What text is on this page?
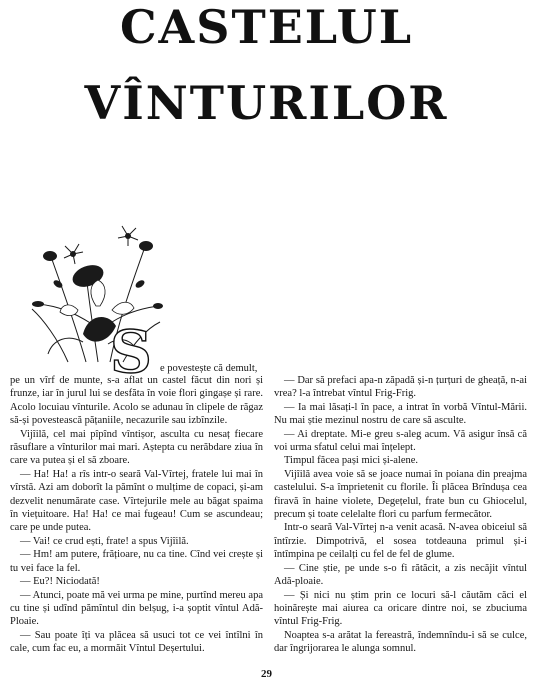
CASTELUL
VÎNTURILOR
S e povestește că demult,

pe un vîrf de munte, s-a aflat un castel făcut din nori și frunze, iar în jurul lui se desfăta în voie flori gingașe și rare. Acolo locuiau vînturile. Acolo se adunau în clipele de răgaz să-și povestească pățaniile, necazurile sau izbînzile.

Vijîilă, cel mai pîpînd vîntișor, asculta cu nesaț fiecare răsuflare a vînturilor mai mari. Aștepta cu nerăbdare ziua în care va putea și el să zboare.

— Ha! Ha! a rîs intr-o seară Val-Vîrtej, fratele lui mai în vîrstă. Azi am doborît la pămînt o mulțime de copaci, și-am dezvelit nenumărate case. Vîrtejurile mele au băgat spaima în viețuitoare. Ha! Ha! ce mai fugeau! Cum se ascundeau; care pe unde putea.

— Vai! ce crud ești, frate! a spus Vijîilă.

— Hm! am putere, frățioare, nu ca tine. Cînd vei crește și tu vei face la fel.

— Eu?! Niciodată!

— Atunci, poate mă vei urma pe mine, purtînd mereu apa cu tine și udînd pămîntul din belșug, i-a șoptit vîntul Adă-Ploaie.

— Sau poate îți va plăcea să usuci tot ce vei întîlni în cale, cum fac eu, a mormăit Vîntul Deșertului.

— Dar să prefaci apa-n zăpadă și-n țurțuri de gheață, n-ai vrea? l-a întrebat vîntul Frig-Frig.

— Ia mai lăsați-l în pace, a intrat în vorbă Vîntul-Mării. Nu mai știe mezinul nostru de care să asculte.

— Ai dreptate. Mi-e greu s-aleg acum. Vă asigur însă că voi urma sfatul celui mai înțelept.

Timpul făcea pași mici și-alene.

Vijîilă avea voie să se joace numai în poiana din preajma castelului. S-a împrietenit cu florile. Îi plăcea Brîndușa cea firavă în haine violete, Degețelul, frate bun cu Ghiocelul, precum și toate celelalte flori cu parfum fermecător.

Intr-o seară Val-Vîrtej n-a venit acasă. N-avea obiceiul să întîrzie. Dimpotrivă, el sosea totdeauna primul și-i întîmpina pe ceilalți cu fel de fel de glume.

— Cine știe, pe unde s-o fi rătăcit, a zis necăjit vîntul Adă-ploaie.

— Și nici nu știm prin ce locuri să-l căutăm căci el hoinărește mai aiurea ca oricare dintre noi, se zbuciuma vîntul Frig-Frig.

Noaptea s-a arătat la fereastră, îndemnîndu-i să se culce, dar îngrijorarea le alunga somnul.

29
